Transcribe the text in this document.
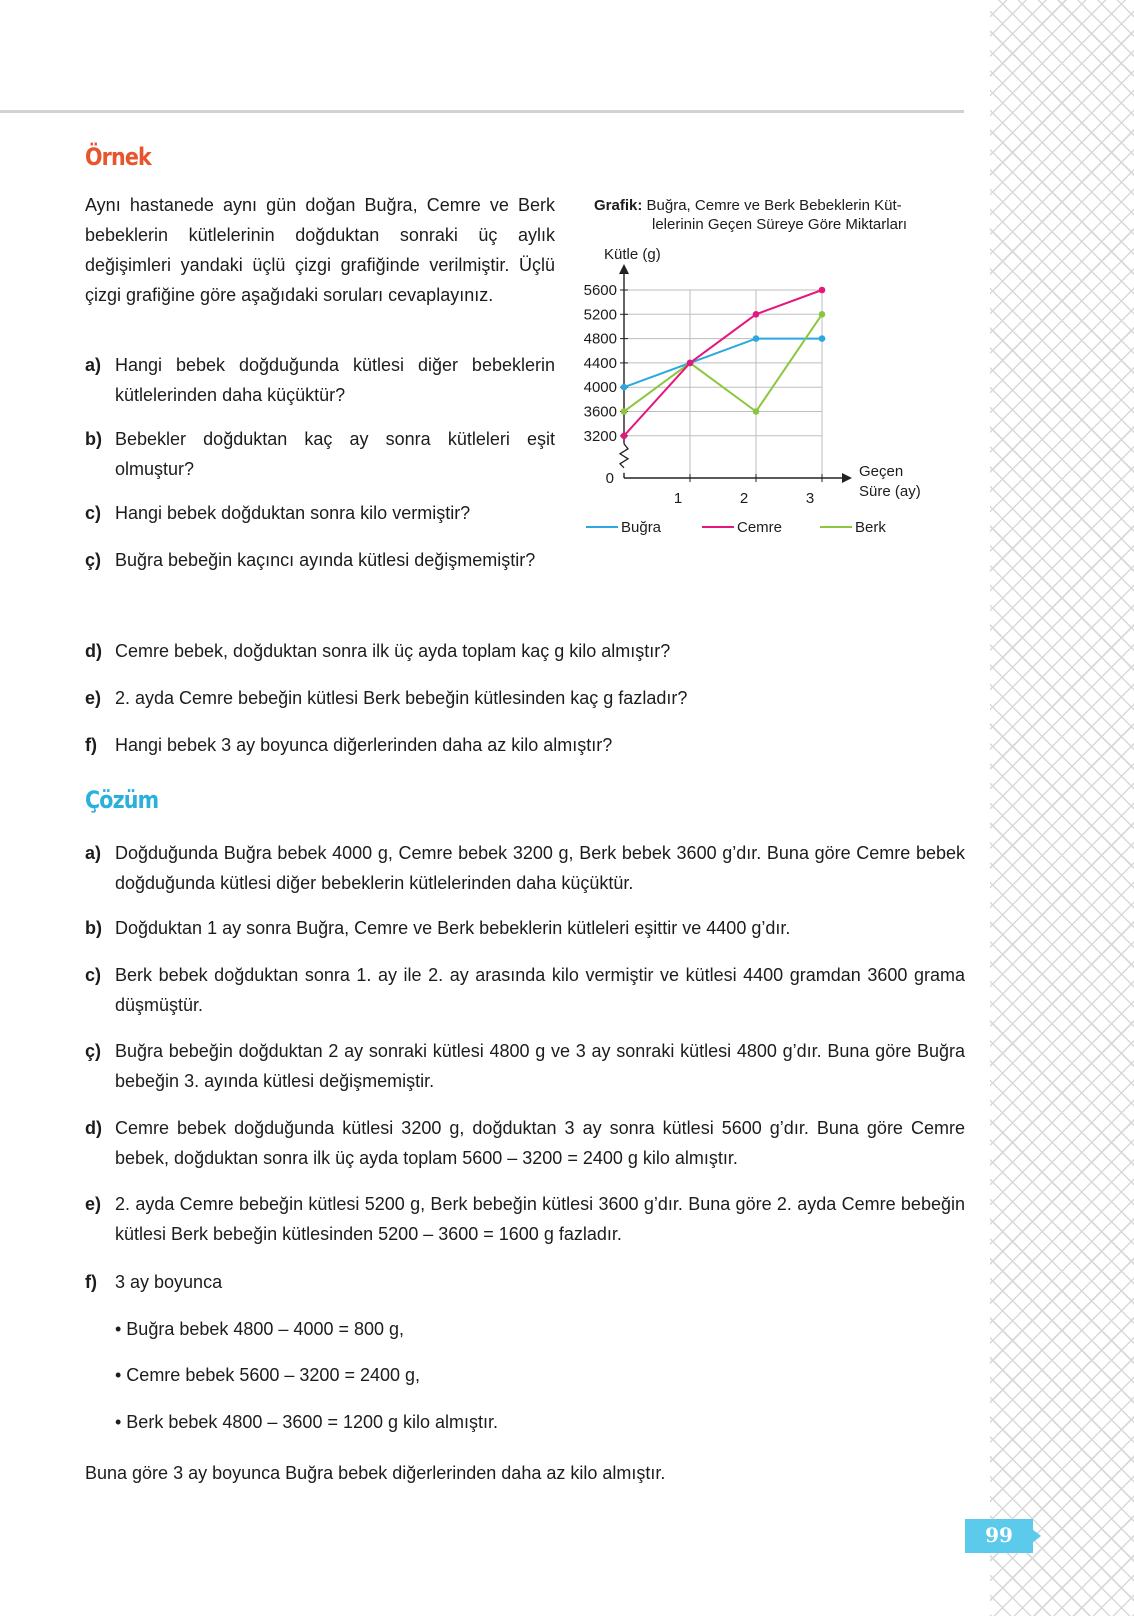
Örnek
Aynı hastanede aynı gün doğan Buğra, Cemre ve Berk bebeklerin kütlelerinin doğduktan sonraki üç aylık değişimleri yandaki üçlü çizgi grafiğinde verilmiştir. Üçlü çizgi grafiğine göre aşağıdaki soruları cevaplayınız.
a) Hangi bebek doğduğunda kütlesi diğer bebeklerin kütlelerinden daha küçüktür?
b) Bebekler doğduktan kaç ay sonra kütleleri eşit olmuştur?
c) Hangi bebek doğduktan sonra kilo vermiştir?
ç) Buğra bebeğin kaçıncı ayında kütlesi değişmemiştir?
d) Cemre bebek, doğduktan sonra ilk üç ayda toplam kaç g kilo almıştır?
e) 2. ayda Cemre bebeğin kütlesi Berk bebeğin kütlesinden kaç g fazladır?
f) Hangi bebek 3 ay boyunca diğerlerinden daha az kilo almıştır?
Grafik: Buğra, Cemre ve Berk Bebeklerin Küt-
lelerinin Geçen Süreye Göre Miktarları
3200
3600
4000
4400
4800
5200
5600
0
1	2	3
Kütle (g)
Geçen
Süre (ay)
Buğra	Cemre	Berk
Çözüm
a) Doğduğunda Buğra bebek 4000 g, Cemre bebek 3200 g, Berk bebek 3600 g’dır. Buna göre Cemre bebek doğduğunda kütlesi diğer bebeklerin kütlelerinden daha küçüktür.
b) Doğduktan 1 ay sonra Buğra, Cemre ve Berk bebeklerin kütleleri eşittir ve 4400 g’dır.
c) Berk bebek doğduktan sonra 1. ay ile 2. ay arasında kilo vermiştir ve kütlesi 4400 gramdan 3600 grama düşmüştür.
ç) Buğra bebeğin doğduktan 2 ay sonraki kütlesi 4800 g ve 3 ay sonraki kütlesi 4800 g’dır. Buna göre Buğra bebeğin 3. ayında kütlesi değişmemiştir.
d) Cemre bebek doğduğunda kütlesi 3200 g, doğduktan 3 ay sonra kütlesi 5600 g’dır. Buna göre Cemre bebek, doğduktan sonra ilk üç ayda toplam 5600 – 3200 = 2400 g kilo almıştır.
e) 2. ayda Cemre bebeğin kütlesi 5200 g, Berk bebeğin kütlesi 3600 g’dır. Buna göre 2. ayda Cemre bebeğin kütlesi Berk bebeğin kütlesinden 5200 – 3600 = 1600 g fazladır.
f) 3 ay boyunca
• Buğra bebek 4800 – 4000 = 800 g,
• Cemre bebek 5600 – 3200 = 2400 g,
• Berk bebek 4800 – 3600 = 1200 g kilo almıştır.
Buna göre 3 ay boyunca Buğra bebek diğerlerinden daha az kilo almıştır.
99
